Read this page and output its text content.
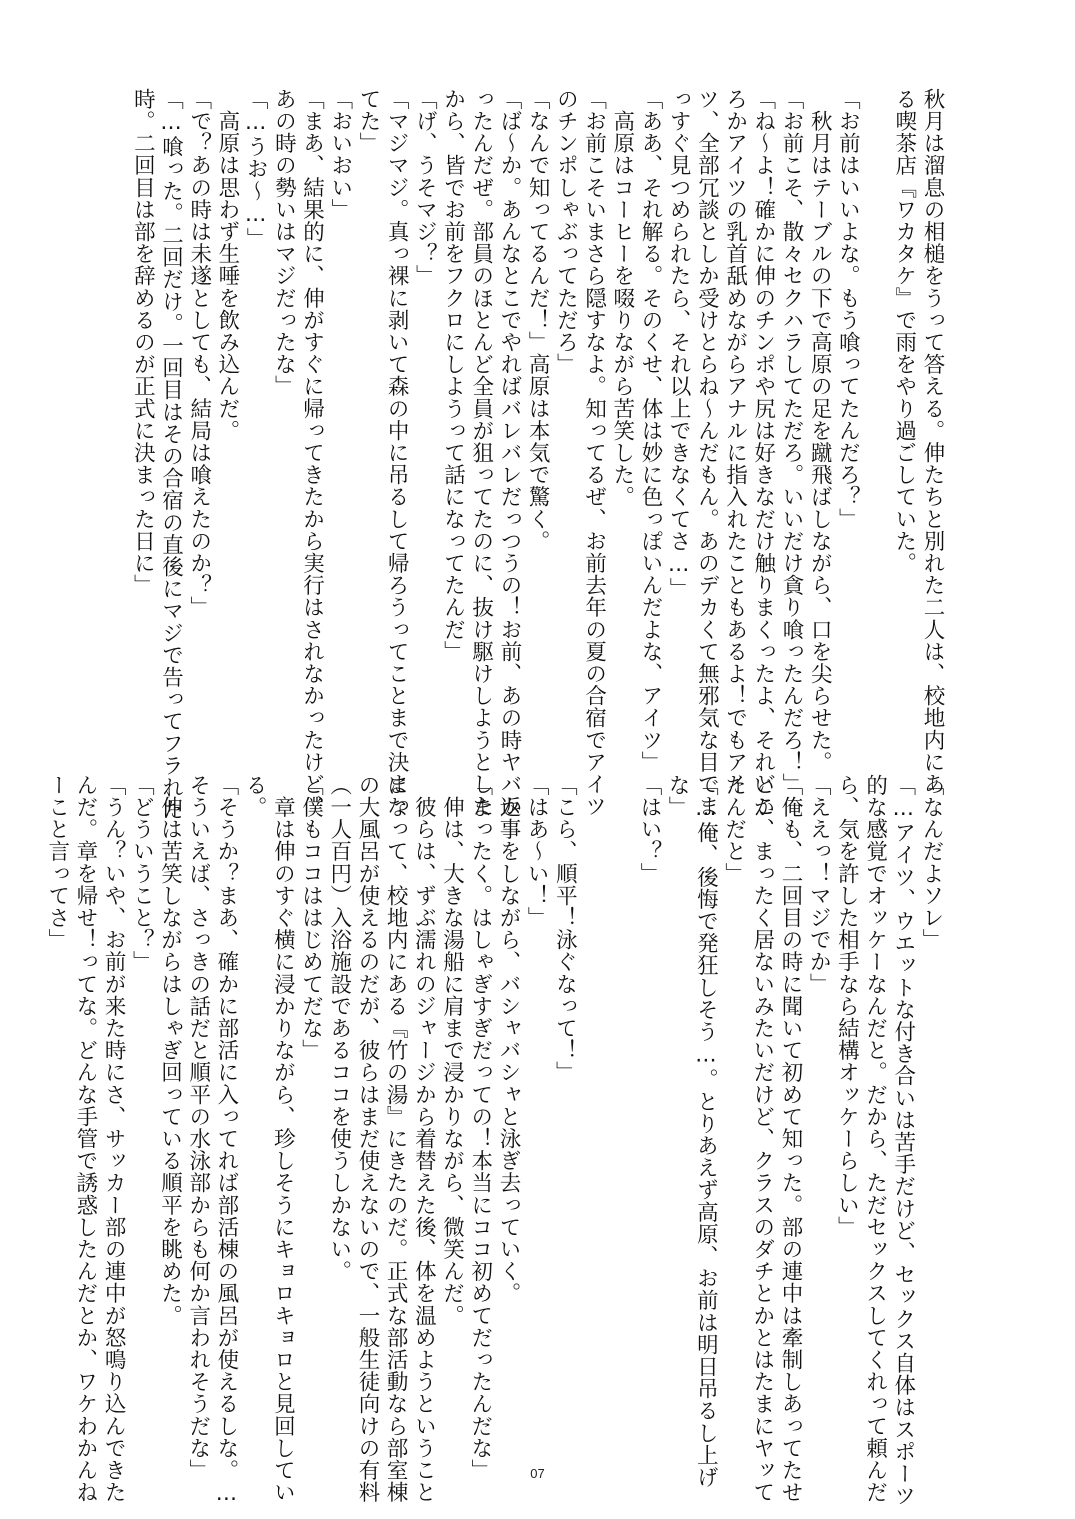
秋月は溜息の相槌をうって答える。伸たちと別れた二人は、校地内にあ
る喫茶店『ワカタケ』で雨をやり過ごしていた。

「お前はいいよな。もう喰ってたんだろ？」
　秋月はテーブルの下で高原の足を蹴飛ばしながら、口を尖らせた。
「お前こそ、散々セクハラしてただろ。いいだけ貪り喰ったんだろ！」
「ね～よ！確かに伸のチンポや尻は好きなだけ触りまくったよ、それどこ
ろかアイツの乳首舐めながらアナルに指入れたこともあるよ！でもアイ
ツ、全部冗談としか受けとらね～んだもん。あのデカくて無邪気な目でま
っすぐ見つめられたら、それ以上できなくてさ…」
「ああ、それ解る。そのくせ、体は妙に色っぽいんだよな、アイツ」
　高原はコーヒーを啜りながら苦笑した。
「お前こそいまさら隠すなよ。知ってるぜ、お前去年の夏の合宿でアイツ
のチンポしゃぶってただろ」
「なんで知ってるんだ！」高原は本気で驚く。
「ば～か。あんなとこでやればバレバレだっつうの！お前、あの時ヤバか
ったんだぜ。部員のほとんど全員が狙ってたのに、抜け駆けしようとした
から、皆でお前をフクロにしようって話になってたんだ」
「げ、うそマジ？」
「マジマジ。真っ裸に剥いて森の中に吊るして帰ろうってことまで決まっ
てた」
「おいおい」
「まあ、結果的に、伸がすぐに帰ってきたから実行はされなかったけど、
あの時の勢いはマジだったな」
「…うお～…」
　高原は思わず生唾を飲み込んだ。
「で？あの時は未遂としても、結局は喰えたのか？」
「…喰った。二回だけ。一回目はその合宿の直後にマジで告ってフラれた
時。二回目は部を辞めるのが正式に決まった日に」
「なんだよソレ」
「…アイツ、ウエットな付き合いは苦手だけど、セックス自体はスポーツ
的な感覚でオッケーなんだと。だから、ただセックスしてくれって頼んだ
ら、気を許した相手なら結構オッケーらしい」
「ええっ！マジでか」
「俺も、二回目の時に聞いて初めて知った。部の連中は牽制しあってたせ
いか、まったく居ないみたいだけど、クラスのダチとかとはたまにヤッて
たんだと」
「…俺、後悔で発狂しそう…。とりあえず高原、お前は明日吊るし上げ
な」
「はい？」

「こら、順平！泳ぐなって！」
「はあ～い！」
　返事をしながら、バシャバシャと泳ぎ去っていく。
「まったく。はしゃぎすぎだっての！本当にココ初めてだったんだな」
　伸は、大きな湯船に肩まで浸かりながら、微笑んだ。
　彼らは、ずぶ濡れのジャージから着替えた後、体を温めようということ
になって、校地内にある『竹の湯』にきたのだ。正式な部活動なら部室棟
の大風呂が使えるのだが、彼らはまだ使えないので、一般生徒向けの有料
（一人百円）入浴施設であるココを使うしかない。
「僕もココははじめてだな」
　章は伸のすぐ横に浸かりながら、珍しそうにキョロキョロと見回してい
る。
「そうか？まあ、確かに部活に入ってれば部活棟の風呂が使えるしな。…
そういえば、さっきの話だと順平の水泳部からも何か言われそうだな」
　伸は苦笑しながらはしゃぎ回っている順平を眺めた。
「どういうこと？」
「うん？いや、お前が来た時にさ、サッカー部の連中が怒鳴り込んできた
んだ。章を帰せ！ってな。どんな手管で誘惑したんだとか、ワケわかんね
ーこと言ってさ」
07
